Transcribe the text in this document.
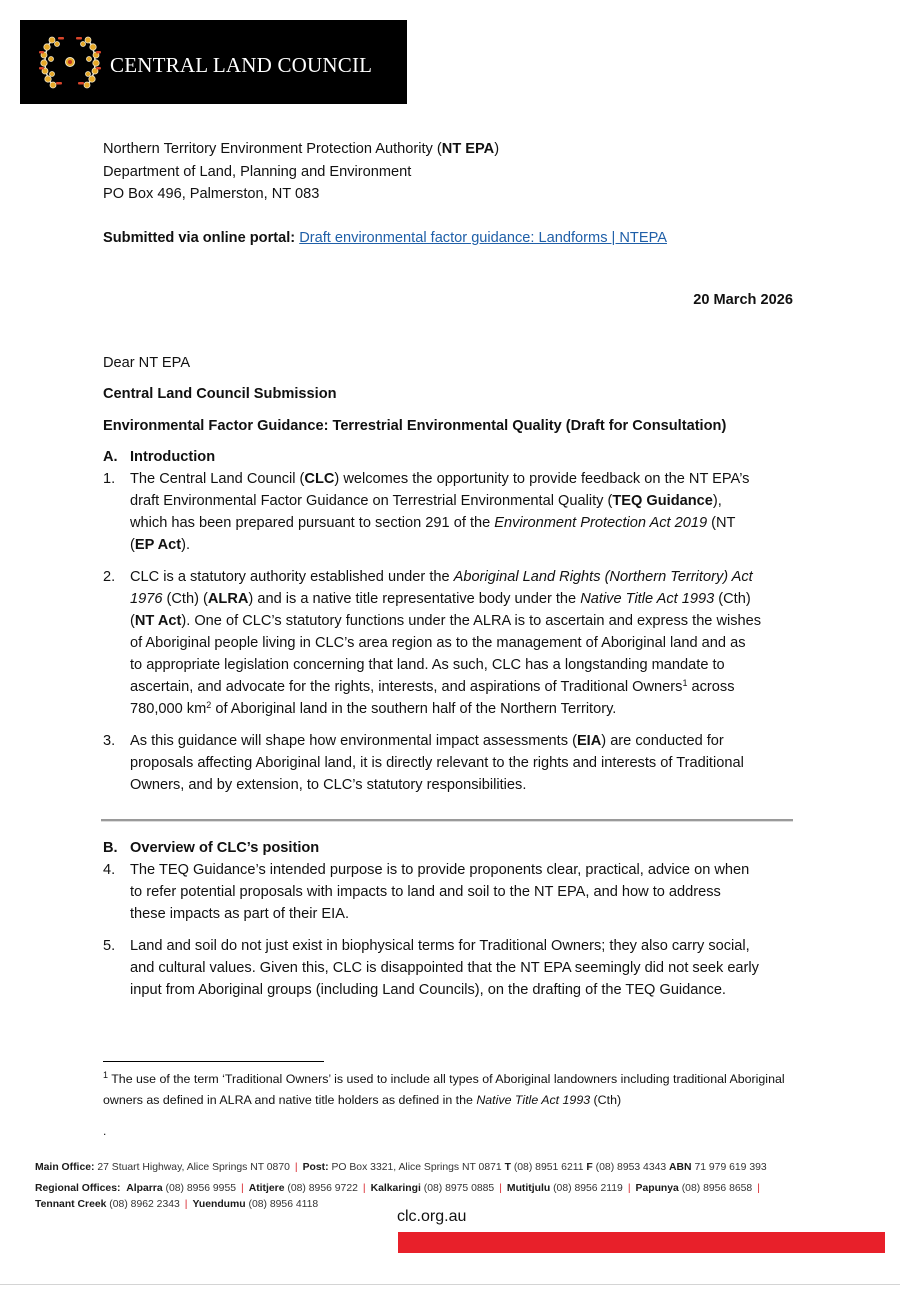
CENTRAL LAND COUNCIL
Northern Territory Environment Protection Authority (NT EPA)
Department of Land, Planning and Environment
PO Box 496, Palmerston, NT 083
Submitted via online portal: Draft environmental factor guidance: Landforms | NTEPA
20 March 2026
Dear NT EPA
Central Land Council Submission
Environmental Factor Guidance: Terrestrial Environmental Quality (Draft for Consultation)
A. Introduction
1. The Central Land Council (CLC) welcomes the opportunity to provide feedback on the NT EPA’s
draft Environmental Factor Guidance on Terrestrial Environmental Quality (TEQ Guidance),
which has been prepared pursuant to section 291 of the Environment Protection Act 2019 (NT
(EP Act).
2. CLC is a statutory authority established under the Aboriginal Land Rights (Northern Territory) Act
1976 (Cth) (ALRA) and is a native title representative body under the Native Title Act 1993 (Cth)
(NT Act). One of CLC’s statutory functions under the ALRA is to ascertain and express the wishes
of Aboriginal people living in CLC’s area region as to the management of Aboriginal land and as
to appropriate legislation concerning that land. As such, CLC has a longstanding mandate to
ascertain, and advocate for the rights, interests, and aspirations of Traditional Owners$^1$ across
780,000 $km^2$ of Aboriginal land in the southern half of the Northern Territory.
3. As this guidance will shape how environmental impact assessments (EIA) are conducted for
proposals affecting Aboriginal land, it is directly relevant to the rights and interests of Traditional
Owners, and by extension, to CLC’s statutory responsibilities.
B. Overview of CLC’s position
4. The TEQ Guidance’s intended purpose is to provide proponents clear, practical, advice on when
to refer potential proposals with impacts to land and soil to the NT EPA, and how to address
these impacts as part of their EIA.
5. Land and soil do not just exist in biophysical terms for Traditional Owners; they also carry social,
and cultural values. Given this, CLC is disappointed that the NT EPA seemingly did not seek early
input from Aboriginal groups (including Land Councils), on the drafting of the TEQ Guidance.
$^1$ The use of the term ‘Traditional Owners’ is used to include all types of Aboriginal landowners including traditional Aboriginal
owners as defined in ALRA and native title holders as defined in the Native Title Act 1993 (Cth)
.
Main Office: 27 Stuart Highway, Alice Springs NT 0870 | Post: PO Box 3321, Alice Springs NT 0871 T (08) 8951 6211 F (08) 8953 4343 ABN 71 979 619 393
Regional Offices: Alparra (08) 8956 9955 | Atitjere (08) 8956 9722 | Kalkaringi (08) 8975 0885 | Mutitjulu (08) 8956 2119 | Papunya (08) 8956 8658 |
Tennant Creek (08) 8962 2343 | Yuendumu (08) 8956 4118
clc.org.au
